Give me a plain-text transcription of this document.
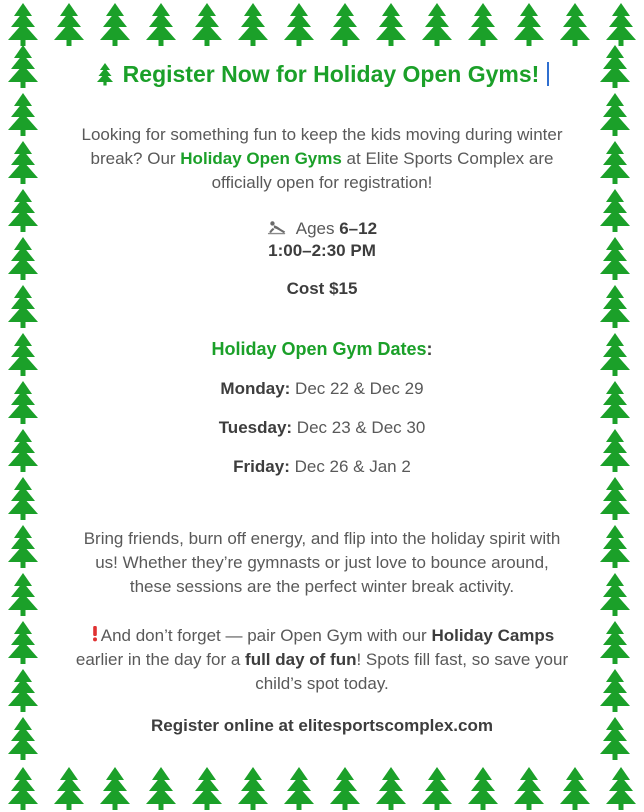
Register Now for Holiday Open Gyms!

Looking for something fun to keep the kids moving during winter break? Our Holiday Open Gyms at Elite Sports Complex are officially open for registration!

Ages 6–12
1:00–2:30 PM
Cost $15
Holiday Open Gym Dates:
Monday: Dec 22 & Dec 29
Tuesday: Dec 23 & Dec 30
Friday: Dec 26 & Jan 2

Bring friends, burn off energy, and flip into the holiday spirit with us! Whether they’re gymnasts or just love to bounce around, these sessions are the perfect winter break activity.

And don’t forget — pair Open Gym with our Holiday Camps earlier in the day for a full day of fun! Spots fill fast, so save your child’s spot today.

Register online at elitesportscomplex.com
